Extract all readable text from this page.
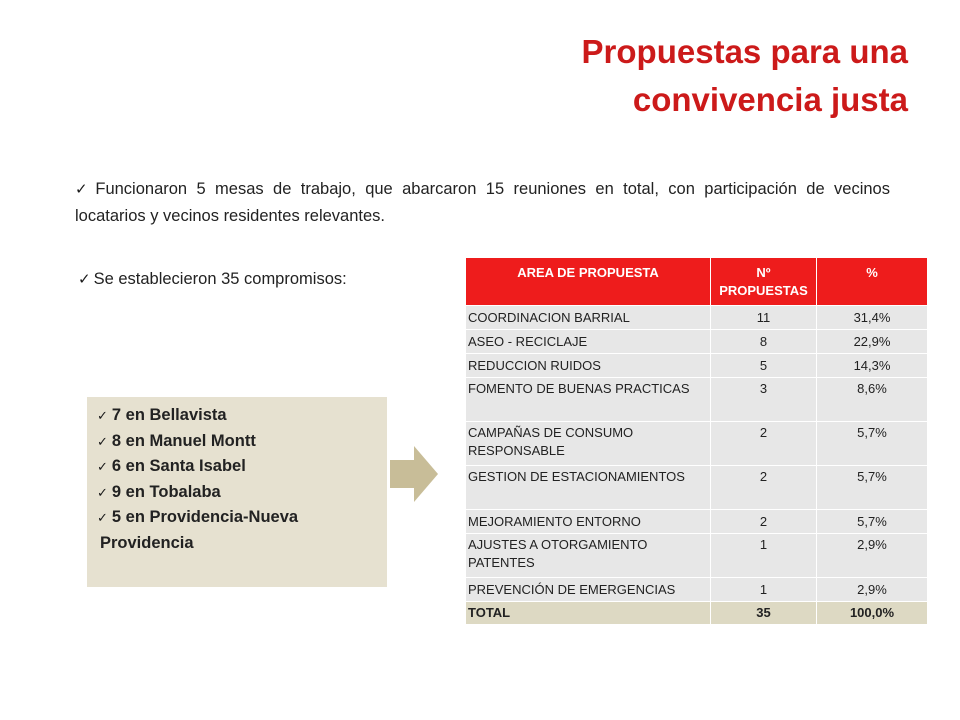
Propuestas para una
convivencia justa
✓ Funcionaron 5 mesas de trabajo, que abarcaron 15 reuniones en total, con participación de vecinos locatarios y vecinos residentes relevantes.
✓ Se establecieron 35 compromisos:
✓ 7 en Bellavista
✓ 8 en Manuel Montt
✓ 6 en Santa Isabel
✓ 9 en Tobalaba
✓ 5 en Providencia-Nueva
Providencia
AREA DE PROPUESTA	Nº PROPUESTAS	%
COORDINACION BARRIAL	11	31,4%
ASEO - RECICLAJE	8	22,9%
REDUCCION RUIDOS	5	14,3%
FOMENTO DE BUENAS PRACTICAS	3	8,6%
CAMPAÑAS DE CONSUMO RESPONSABLE	2	5,7%
GESTION DE ESTACIONAMIENTOS	2	5,7%
MEJORAMIENTO ENTORNO	2	5,7%
AJUSTES A OTORGAMIENTO PATENTES	1	2,9%
PREVENCIÓN DE EMERGENCIAS	1	2,9%
TOTAL	35	100,0%
